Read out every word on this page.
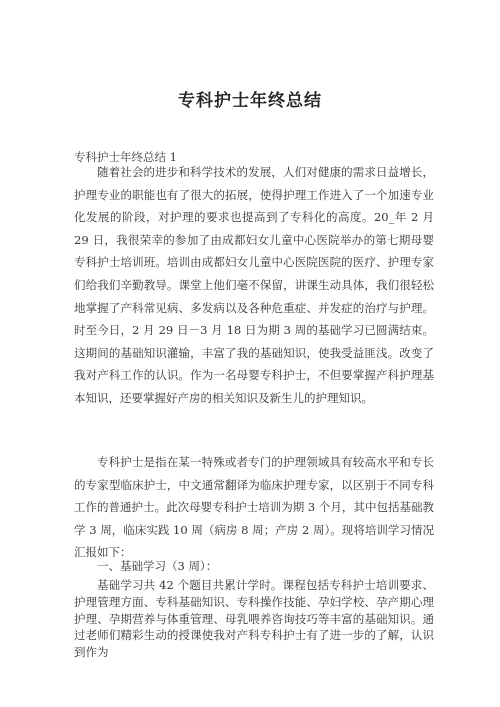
专科护士年终总结
专科护士年终总结 1

随着社会的进步和科学技术的发展，人们对健康的需求日益增长，护理专业的职能也有了很大的拓展，使得护理工作进入了一个加速专业化发展的阶段，对护理的要求也提高到了专科化的高度。20_年 2 月 29 日，我很荣幸的参加了由成都妇女儿童中心医院举办的第七期母婴专科护士培训班。培训由成都妇女儿童中心医院医院的医疗、护理专家们给我们辛勤教导。课堂上他们毫不保留，讲课生动具体，我们很轻松地掌握了产科常见病、多发病以及各种危重症、并发症的治疗与护理。时至今日，2 月 29 日－3 月 18 日为期 3 周的基础学习已圆满结束。这期间的基础知识灌输，丰富了我的基础知识，使我受益匪浅。改变了我对产科工作的认识。作为一名母婴专科护士，不但要掌握产科护理基本知识，还要掌握好产房的相关知识及新生儿的护理知识。

专科护士是指在某一特殊或者专门的护理领域具有较高水平和专长的专家型临床护士，中文通常翻译为临床护理专家，以区别于不同专科工作的普通护士。此次母婴专科护士培训为期 3 个月，其中包括基础教学 3 周，临床实践 10 周（病房 8 周；产房 2 周）。现将培训学习情况汇报如下：

一、基础学习（3 周）：

基础学习共 42 个题目共累计学时。课程包括专科护士培训要求、护理管理方面、专科基础知识、专科操作技能、孕妇学校、孕产期心理护理、孕期营养与体重管理、母乳喂养咨询技巧等丰富的基础知识。通过老师们精彩生动的授课使我对产科专科护士有了进一步的了解，认识到作为
